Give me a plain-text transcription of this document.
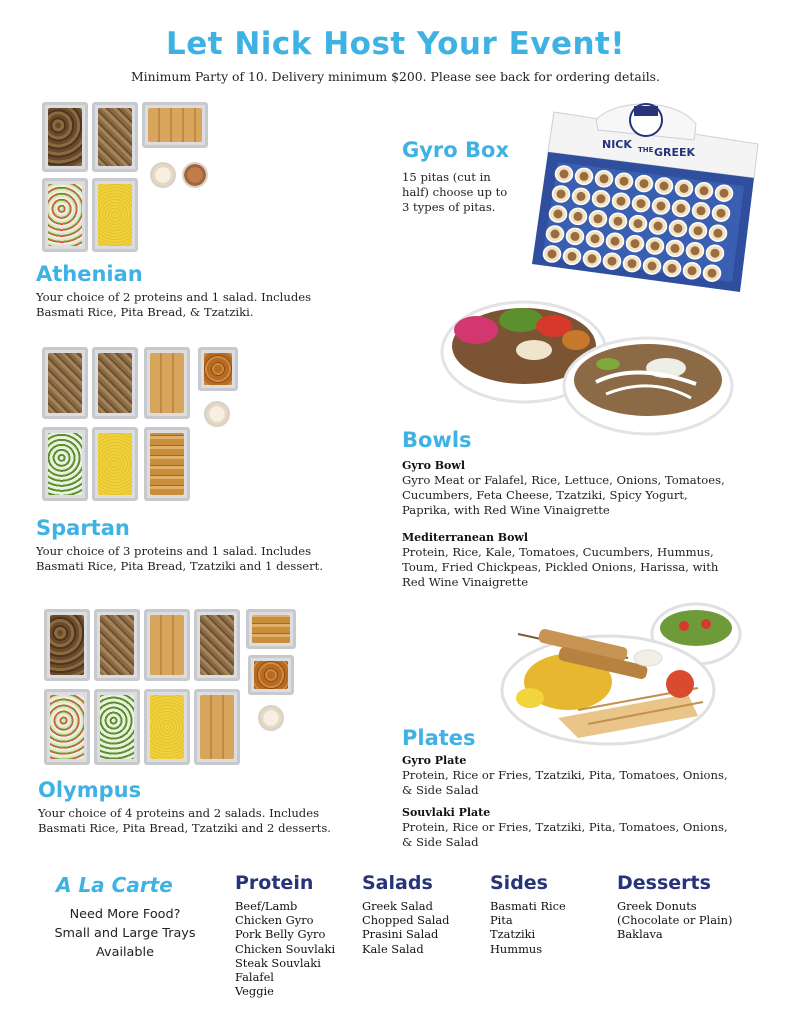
Let Nick Host Your Event!
Minimum Party of 10. Delivery minimum $200. Please see back for ordering details.
Athenian
Your choice of 2 proteins and 1 salad. Includes
Basmati Rice, Pita Bread, & Tzatziki.
Spartan
Your choice of 3 proteins and 1 salad. Includes
Basmati Rice, Pita Bread, Tzatziki and 1 dessert.
Olympus
Your choice of 4 proteins and 2 salads. Includes
Basmati Rice, Pita Bread, Tzatziki and 2 desserts.
Gyro Box
15 pitas (cut in
half) choose up to
3 types of pitas.
NICK THE GREEK
Bowls
Gyro Bowl
Gyro Meat or Falafel, Rice, Lettuce, Onions, Tomatoes,
Cucumbers, Feta Cheese, Tzatziki, Spicy Yogurt,
Paprika, with Red Wine Vinaigrette
Mediterranean Bowl
Protein, Rice, Kale, Tomatoes, Cucumbers, Hummus,
Toum, Fried Chickpeas, Pickled Onions, Harissa, with
Red Wine Vinaigrette
Plates
Gyro Plate
Protein, Rice or Fries, Tzatziki, Pita, Tomatoes, Onions,
& Side Salad
Souvlaki Plate
Protein, Rice or Fries, Tzatziki, Pita, Tomatoes, Onions,
& Side Salad
A La Carte
Need More Food?
Small and Large Trays
Available
Protein
Beef/Lamb
Chicken Gyro
Pork Belly Gyro
Chicken Souvlaki
Steak Souvlaki
Falafel
Veggie
Salads
Greek Salad
Chopped Salad
Prasini Salad
Kale Salad
Sides
Basmati Rice
Pita
Tzatziki
Hummus
Desserts
Greek Donuts
(Chocolate or Plain)
Baklava
